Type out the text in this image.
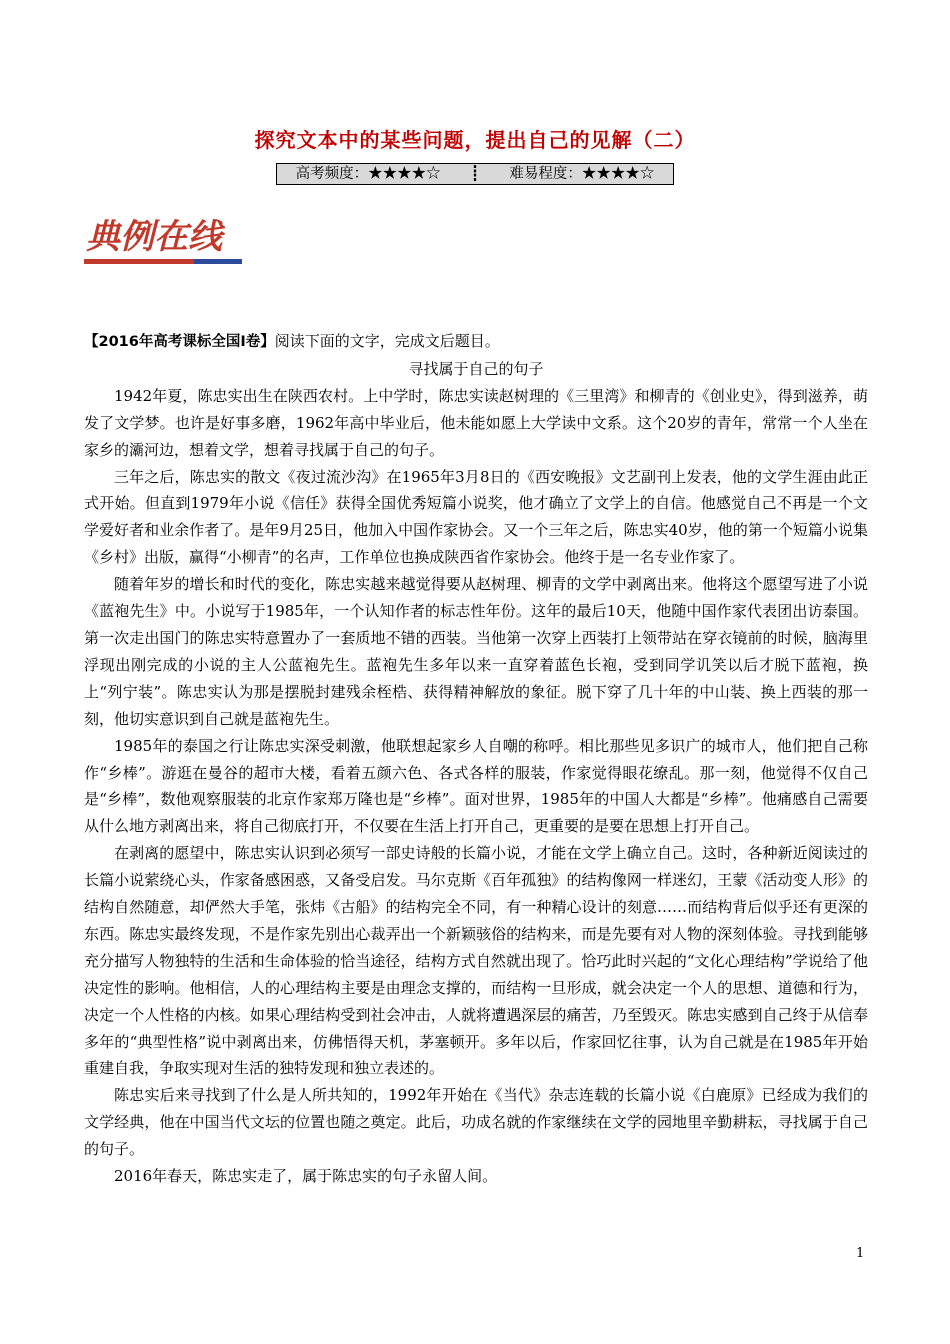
探究文本中的某些问题，提出自己的见解（二）
高考频度：★★★★☆ ┋ 难易程度：★★★★☆
典例在线

【2016年高考课标全国Ⅰ卷】阅读下面的文字，完成文后题目。

寻找属于自己的句子

1942年夏，陈忠实出生在陕西农村。上中学时，陈忠实读赵树理的《三里湾》和柳青的《创业史》，得到滋养，萌发了文学梦。也许是好事多磨，1962年高中毕业后，他未能如愿上大学读中文系。这个20岁的青年，常常一个人坐在家乡的灞河边，想着文学，想着寻找属于自己的句子。

三年之后，陈忠实的散文《夜过流沙沟》在1965年3月8日的《西安晚报》文艺副刊上发表，他的文学生涯由此正式开始。但直到1979年小说《信任》获得全国优秀短篇小说奖，他才确立了文学上的自信。他感觉自己不再是一个文学爱好者和业余作者了。是年9月25日，他加入中国作家协会。又一个三年之后，陈忠实40岁，他的第一个短篇小说集《乡村》出版，赢得“小柳青”的名声，工作单位也换成陕西省作家协会。他终于是一名专业作家了。

随着年岁的增长和时代的变化，陈忠实越来越觉得要从赵树理、柳青的文学中剥离出来。他将这个愿望写进了小说《蓝袍先生》中。小说写于1985年，一个认知作者的标志性年份。这年的最后10天，他随中国作家代表团出访泰国。第一次走出国门的陈忠实特意置办了一套质地不错的西装。当他第一次穿上西装打上领带站在穿衣镜前的时候，脑海里浮现出刚完成的小说的主人公蓝袍先生。蓝袍先生多年以来一直穿着蓝色长袍，受到同学讥笑以后才脱下蓝袍，换上“列宁装”。陈忠实认为那是摆脱封建残余桎梏、获得精神解放的象征。脱下穿了几十年的中山装、换上西装的那一刻，他切实意识到自己就是蓝袍先生。

1985年的泰国之行让陈忠实深受刺激，他联想起家乡人自嘲的称呼。相比那些见多识广的城市人，他们把自己称作“乡棒”。游逛在曼谷的超市大楼，看着五颜六色、各式各样的服装，作家觉得眼花缭乱。那一刻，他觉得不仅自己是“乡棒”，数他观察服装的北京作家郑万隆也是“乡棒”。面对世界，1985年的中国人大都是“乡棒”。他痛感自己需要从什么地方剥离出来，将自己彻底打开，不仅要在生活上打开自己，更重要的是要在思想上打开自己。

在剥离的愿望中，陈忠实认识到必须写一部史诗般的长篇小说，才能在文学上确立自己。这时，各种新近阅读过的长篇小说萦绕心头，作家备感困惑，又备受启发。马尔克斯《百年孤独》的结构像网一样迷幻，王蒙《活动变人形》的结构自然随意，却俨然大手笔，张炜《古船》的结构完全不同，有一种精心设计的刻意……而结构背后似乎还有更深的东西。陈忠实最终发现，不是作家先别出心裁弄出一个新颖骇俗的结构来，而是先要有对人物的深刻体验。寻找到能够充分描写人物独特的生活和生命体验的恰当途径，结构方式自然就出现了。恰巧此时兴起的“文化心理结构”学说给了他决定性的影响。他相信，人的心理结构主要是由理念支撑的，而结构一旦形成，就会决定一个人的思想、道德和行为，决定一个人性格的内核。如果心理结构受到社会冲击，人就将遭遇深层的痛苦，乃至毁灭。陈忠实感到自己终于从信奉多年的“典型性格”说中剥离出来，仿佛悟得天机，茅塞顿开。多年以后，作家回忆往事，认为自己就是在1985年开始重建自我，争取实现对生活的独特发现和独立表述的。

陈忠实后来寻找到了什么是人所共知的，1992年开始在《当代》杂志连载的长篇小说《白鹿原》已经成为我们的文学经典，他在中国当代文坛的位置也随之奠定。此后，功成名就的作家继续在文学的园地里辛勤耕耘，寻找属于自己的句子。

2016年春天，陈忠实走了，属于陈忠实的句子永留人间。

1
